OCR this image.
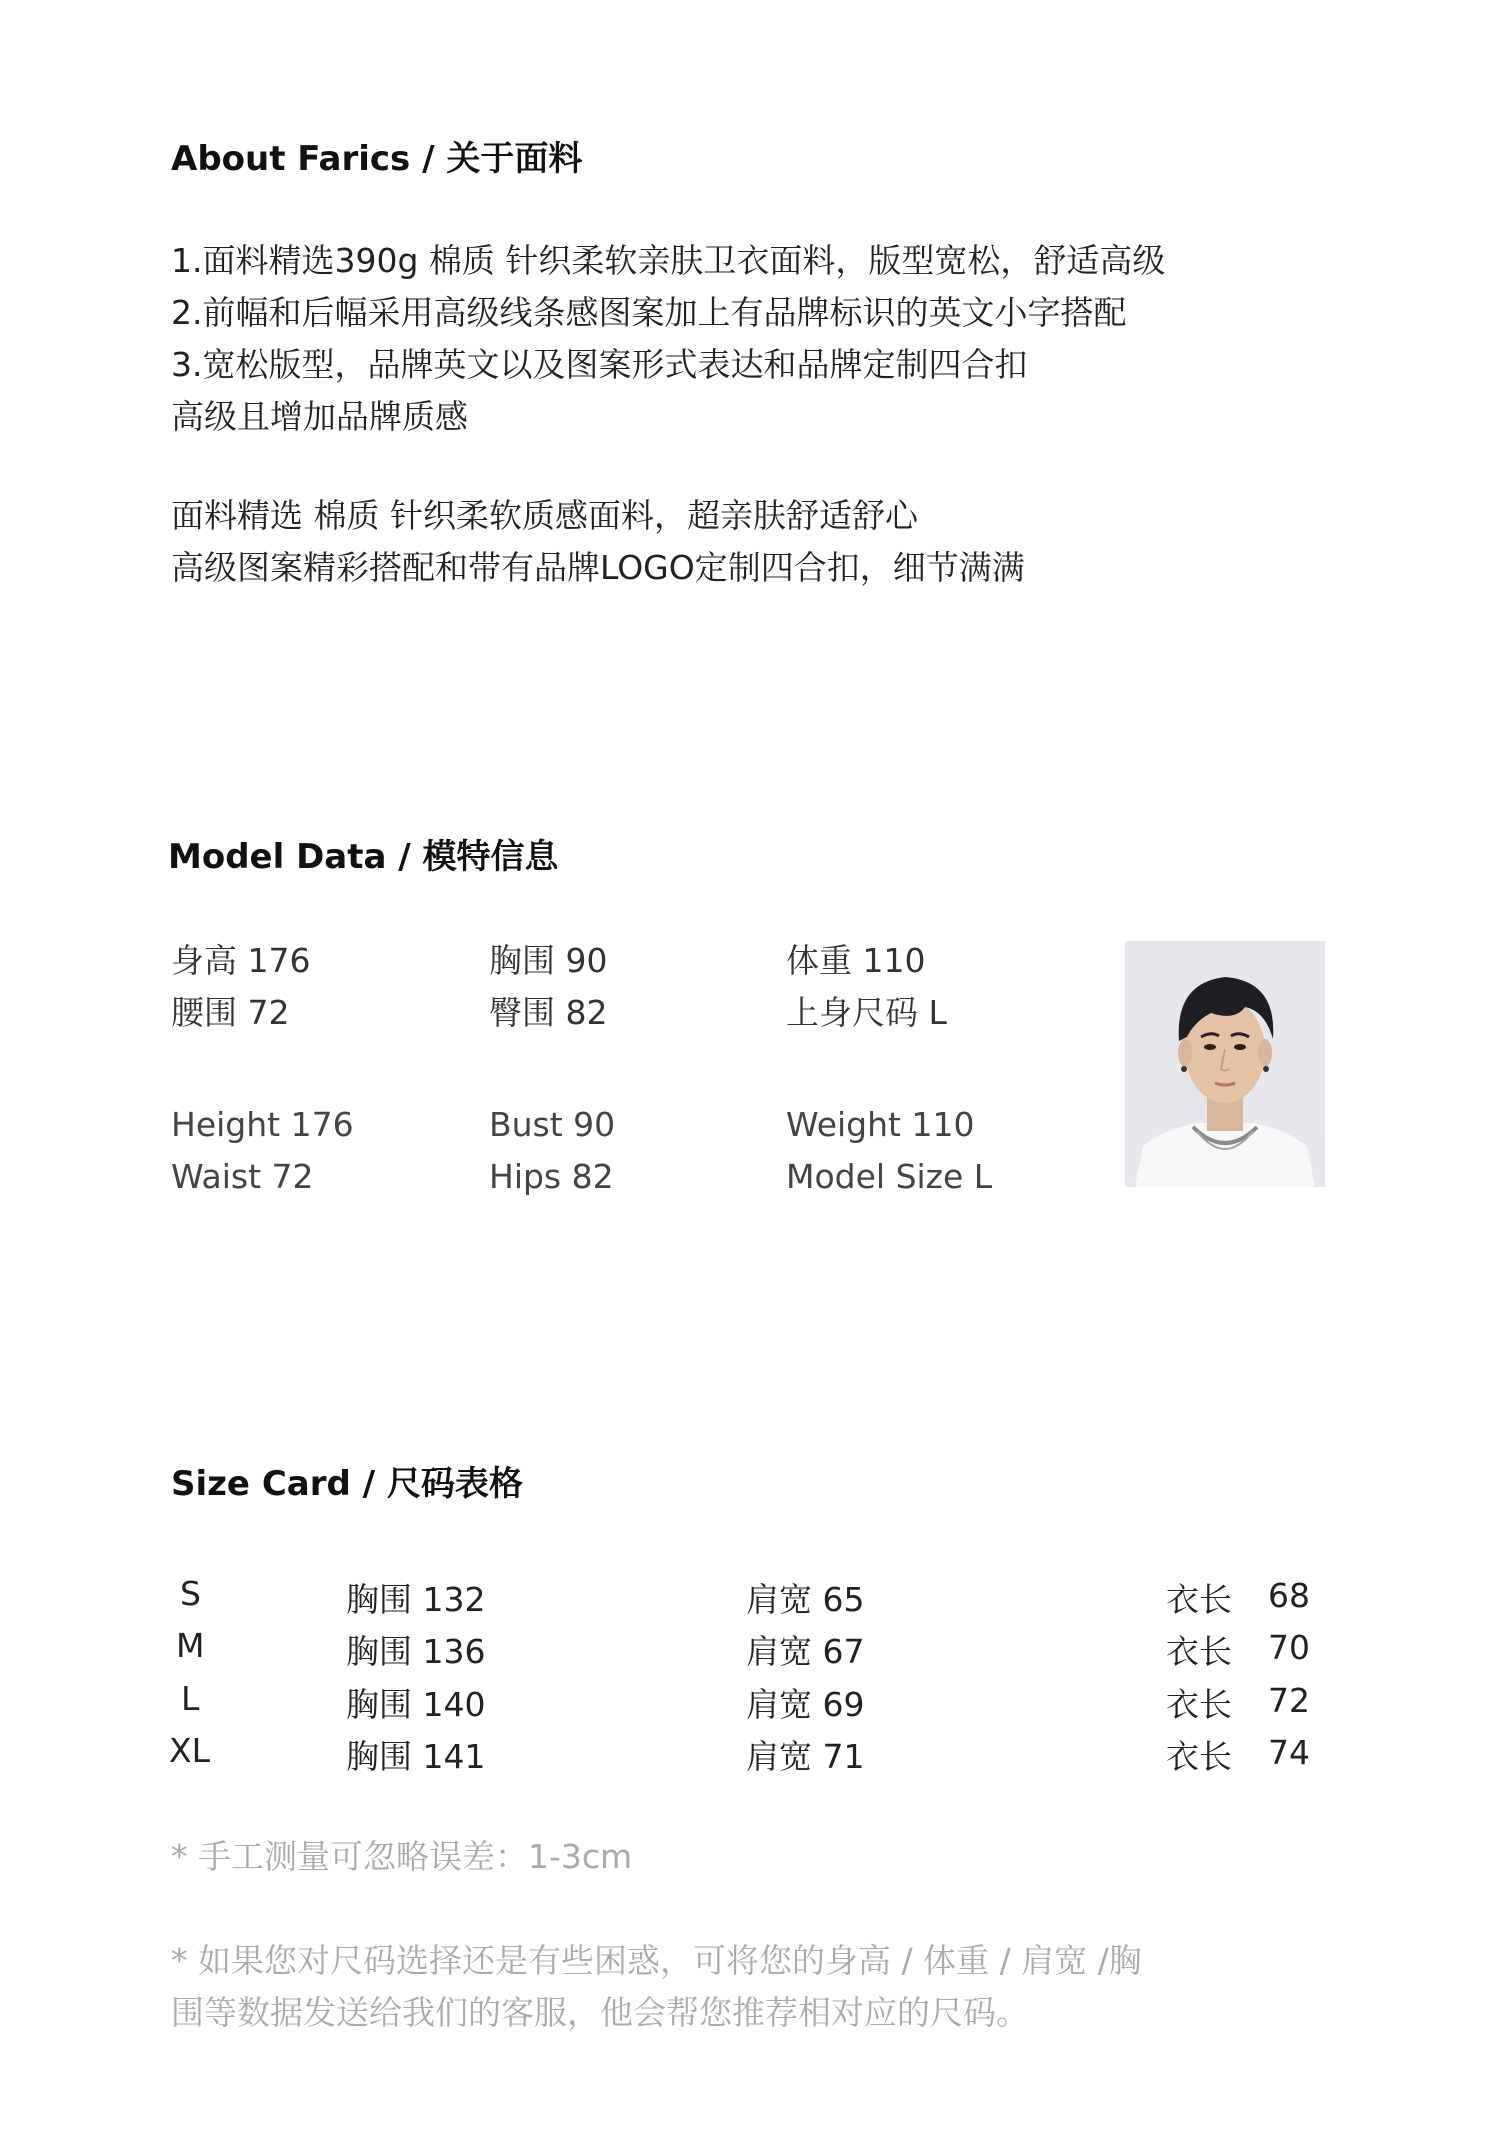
About Farics / 关于面料
1.面料精选390g 棉质 针织柔软亲肤卫衣面料，版型宽松，舒适高级
2.前幅和后幅采用高级线条感图案加上有品牌标识的英文小字搭配
3.宽松版型，品牌英文以及图案形式表达和品牌定制四合扣
高级且增加品牌质感
面料精选 棉质 针织柔软质感面料，超亲肤舒适舒心
高级图案精彩搭配和带有品牌LOGO定制四合扣，细节满满
Model Data / 模特信息
身高 176	胸围 90	体重 110
腰围 72	臀围 82	上身尺码 L
Height 176	Bust 90	Weight 110
Waist 72	Hips 82	Model Size L
Size Card / 尺码表格
S	胸围 132	肩宽 65	衣长 68
M	胸围 136	肩宽 67	衣长 70
L	胸围 140	肩宽 69	衣长 72
XL	胸围 141	肩宽 71	衣长 74
* 手工测量可忽略误差：1-3cm
* 如果您对尺码选择还是有些困惑，可将您的身高 / 体重 / 肩宽 /胸
围等数据发送给我们的客服，他会帮您推荐相对应的尺码。
